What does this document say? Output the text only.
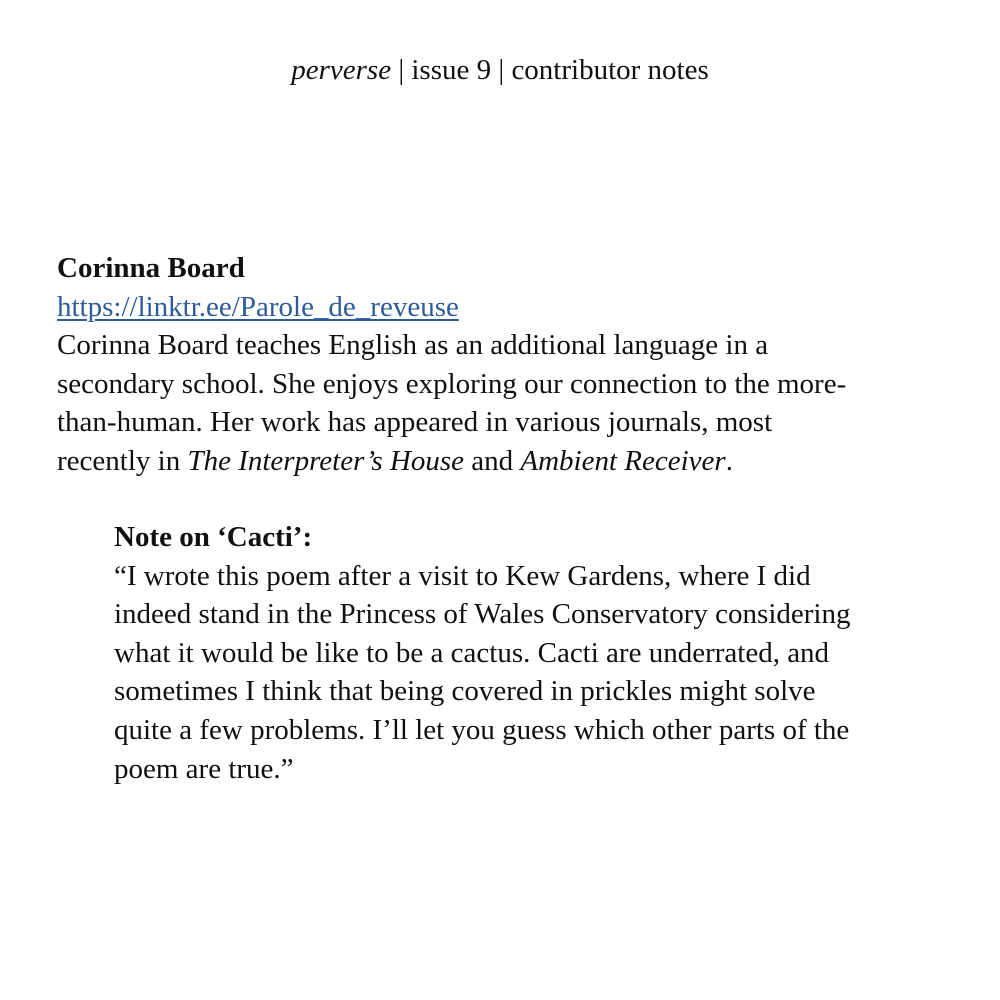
perverse | issue 9 | contributor notes
Corinna Board
https://linktr.ee/Parole_de_reveuse
Corinna Board teaches English as an additional language in a
secondary school. She enjoys exploring our connection to the more-
than-human. Her work has appeared in various journals, most
recently in The Interpreter’s House and Ambient Receiver.
Note on ‘Cacti’:
“I wrote this poem after a visit to Kew Gardens, where I did
indeed stand in the Princess of Wales Conservatory considering
what it would be like to be a cactus. Cacti are underrated, and
sometimes I think that being covered in prickles might solve
quite a few problems. I’ll let you guess which other parts of the
poem are true.”
